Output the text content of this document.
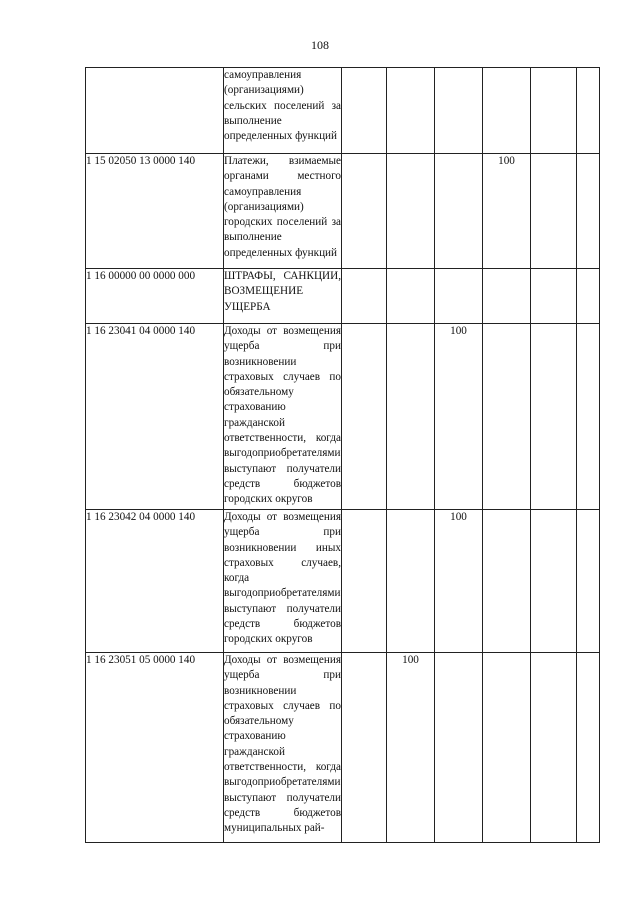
108

	самоуправления (организациями) сельских поселений за выполнение определенных функций						

1 15 02050 13 0000 140	Платежи, взимаемые органами местного самоуправления (организациями) городских поселений за выполнение определенных функций				100		
1 16 00000 00 0000 000	ШТРАФЫ, САНКЦИИ, ВОЗМЕЩЕНИЕ УЩЕРБА						

1 16 23041 04 0000 140	Доходы от возмещения ущерба при возникновении страховых случаев по обязательному страхованию гражданской ответственности, когда выгодоприобретателями выступают получатели средств бюджетов городских округов			100			
1 16 23042 04 0000 140	Доходы от возмещения ущерба при возникновении иных страховых случаев, когда выгодоприобретателями выступают получатели средств бюджетов городских округов			100			
1 16 23051 05 0000 140	Доходы от возмещения ущерба при возникновении страховых случаев по обязательному страхованию гражданской ответственности, когда выгодоприобретателями выступают получатели средств бюджетов муниципальных рай-		100				
